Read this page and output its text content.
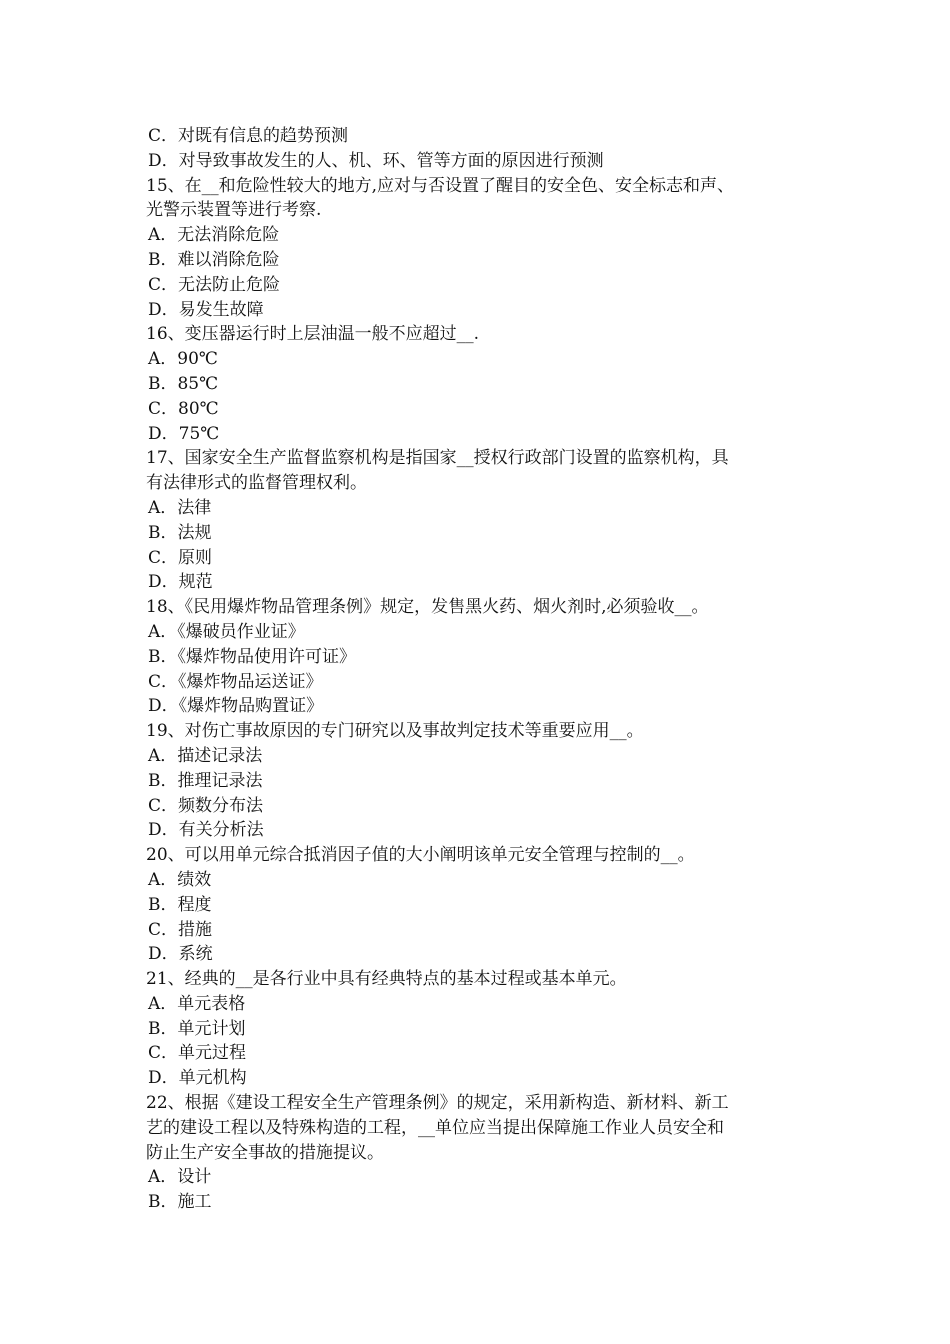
C．对既有信息的趋势预测
D．对导致事故发生的人、机、环、管等方面的原因进行预测
15、在__和危险性较大的地方,应对与否设置了醒目的安全色、安全标志和声、
光警示装置等进行考察.
A．无法消除危险
B．难以消除危险
C．无法防止危险
D．易发生故障
16、变压器运行时上层油温一般不应超过__.
A．90℃
B．85℃
C．80℃
D．75℃
17、国家安全生产监督监察机构是指国家__授权行政部门设置的监察机构，具
有法律形式的监督管理权利。
A．法律
B．法规
C．原则
D．规范
18、《民用爆炸物品管理条例》规定，发售黑火药、烟火剂时,必须验收__。
A．《爆破员作业证》
B．《爆炸物品使用许可证》
C．《爆炸物品运送证》
D．《爆炸物品购置证》
19、对伤亡事故原因的专门研究以及事故判定技术等重要应用__。
A．描述记录法
B．推理记录法
C．频数分布法
D．有关分析法
20、可以用单元综合抵消因子值的大小阐明该单元安全管理与控制的__。
A．绩效
B．程度
C．措施
D．系统
21、经典的__是各行业中具有经典特点的基本过程或基本单元。
A．单元表格
B．单元计划
C．单元过程
D．单元机构
22、根据《建设工程安全生产管理条例》的规定，采用新构造、新材料、新工
艺的建设工程以及特殊构造的工程，__单位应当提出保障施工作业人员安全和
防止生产安全事故的措施提议。
A．设计
B．施工
